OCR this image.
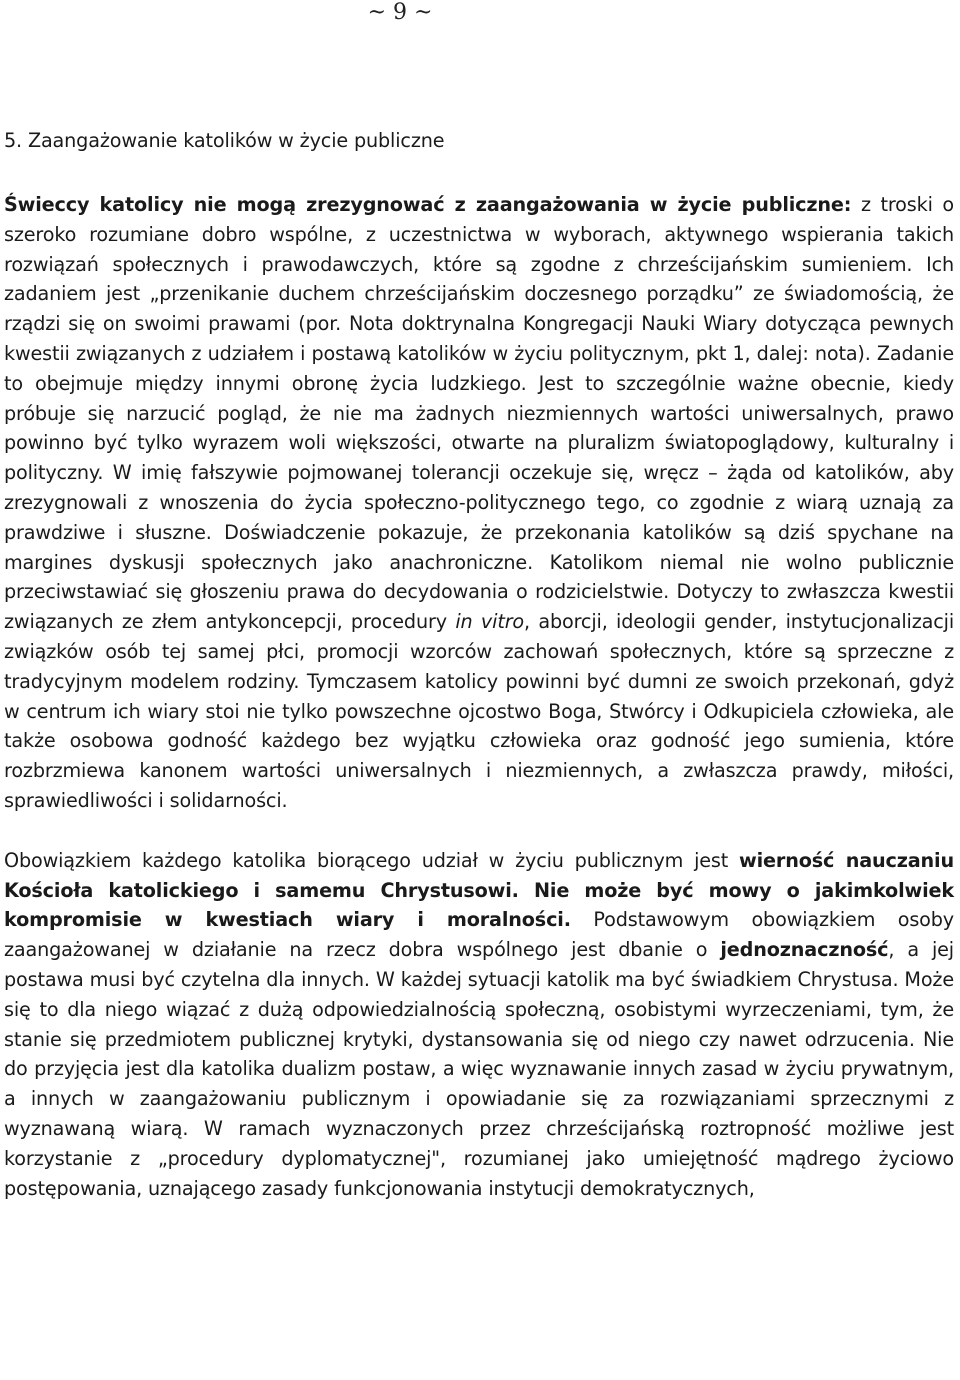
~ 9 ~
5. Zaangażowanie katolików w życie publiczne

Świeccy katolicy nie mogą zrezygnować z zaangażowania w życie publiczne: z troski o szeroko rozumiane dobro wspólne, z uczestnictwa w wyborach, aktywnego wspierania takich rozwiązań społecznych i prawodawczych, które są zgodne z chrześcijańskim sumieniem. Ich zadaniem jest „przenikanie duchem chrześcijańskim doczesnego porządku” ze świadomością, że rządzi się on swoimi prawami (por. Nota doktrynalna Kongregacji Nauki Wiary dotycząca pewnych kwestii związanych z udziałem i postawą katolików w życiu politycznym, pkt 1, dalej: nota). Zadanie to obejmuje między innymi obronę życia ludzkiego. Jest to szczególnie ważne obecnie, kiedy próbuje się narzucić pogląd, że nie ma żadnych niezmiennych wartości uniwersalnych, prawo powinno być tylko wyrazem woli większości, otwarte na pluralizm światopoglądowy, kulturalny i polityczny. W imię fałszywie pojmowanej tolerancji oczekuje się, wręcz – żąda od katolików, aby zrezygnowali z wnoszenia do życia społeczno-politycznego tego, co zgodnie z wiarą uznają za prawdziwe i słuszne. Doświadczenie pokazuje, że przekonania katolików są dziś spychane na margines dyskusji społecznych jako anachroniczne. Katolikom niemal nie wolno publicznie przeciwstawiać się głoszeniu prawa do decydowania o rodzicielstwie. Dotyczy to zwłaszcza kwestii związanych ze złem antykoncepcji, procedury in vitro, aborcji, ideologii gender, instytucjonalizacji związków osób tej samej płci, promocji wzorców zachowań społecznych, które są sprzeczne z tradycyjnym modelem rodziny. Tymczasem katolicy powinni być dumni ze swoich przekonań, gdyż w centrum ich wiary stoi nie tylko powszechne ojcostwo Boga, Stwórcy i Odkupiciela człowieka, ale także osobowa godność każdego bez wyjątku człowieka oraz godność jego sumienia, które rozbrzmiewa kanonem wartości uniwersalnych i niezmiennych, a zwłaszcza prawdy, miłości, sprawiedliwości i solidarności.

Obowiązkiem każdego katolika biorącego udział w życiu publicznym jest wierność nauczaniu Kościoła katolickiego i samemu Chrystusowi. Nie może być mowy o jakimkolwiek kompromisie w kwestiach wiary i moralności. Podstawowym obowiązkiem osoby zaangażowanej w działanie na rzecz dobra wspólnego jest dbanie o jednoznaczność, a jej postawa musi być czytelna dla innych. W każdej sytuacji katolik ma być świadkiem Chrystusa. Może się to dla niego wiązać z dużą odpowiedzialnością społeczną, osobistymi wyrzeczeniami, tym, że stanie się przedmiotem publicznej krytyki, dystansowania się od niego czy nawet odrzucenia. Nie do przyjęcia jest dla katolika dualizm postaw, a więc wyznawanie innych zasad w życiu prywatnym, a innych w zaangażowaniu publicznym i opowiadanie się za rozwiązaniami sprzecznymi z wyznawaną wiarą. W ramach wyznaczonych przez chrześcijańską roztropność możliwe jest korzystanie z „procedury dyplomatycznej", rozumianej jako umiejętność mądrego życiowo postępowania, uznającego zasady funkcjonowania instytucji demokratycznych,
